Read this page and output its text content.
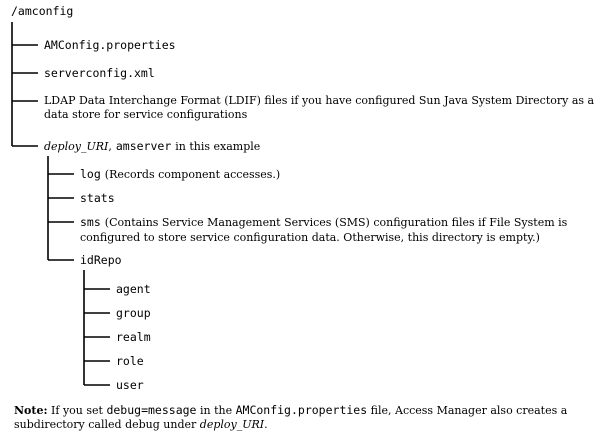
/amconfig
AMConfig.properties
serverconfig.xml
LDAP Data Interchange Format (LDIF) files if you have configured Sun Java System Directory as a data store for service configurations
deploy_URI, amserver in this example
log (Records component accesses.)
stats
sms (Contains Service Management Services (SMS) configuration files if File System is configured to store service configuration data. Otherwise, this directory is empty.)
idRepo
agent
group
realm
role
user
Note: If you set debug=message in the AMConfig.properties file, Access Manager also creates a subdirectory called debug under deploy_URI.
